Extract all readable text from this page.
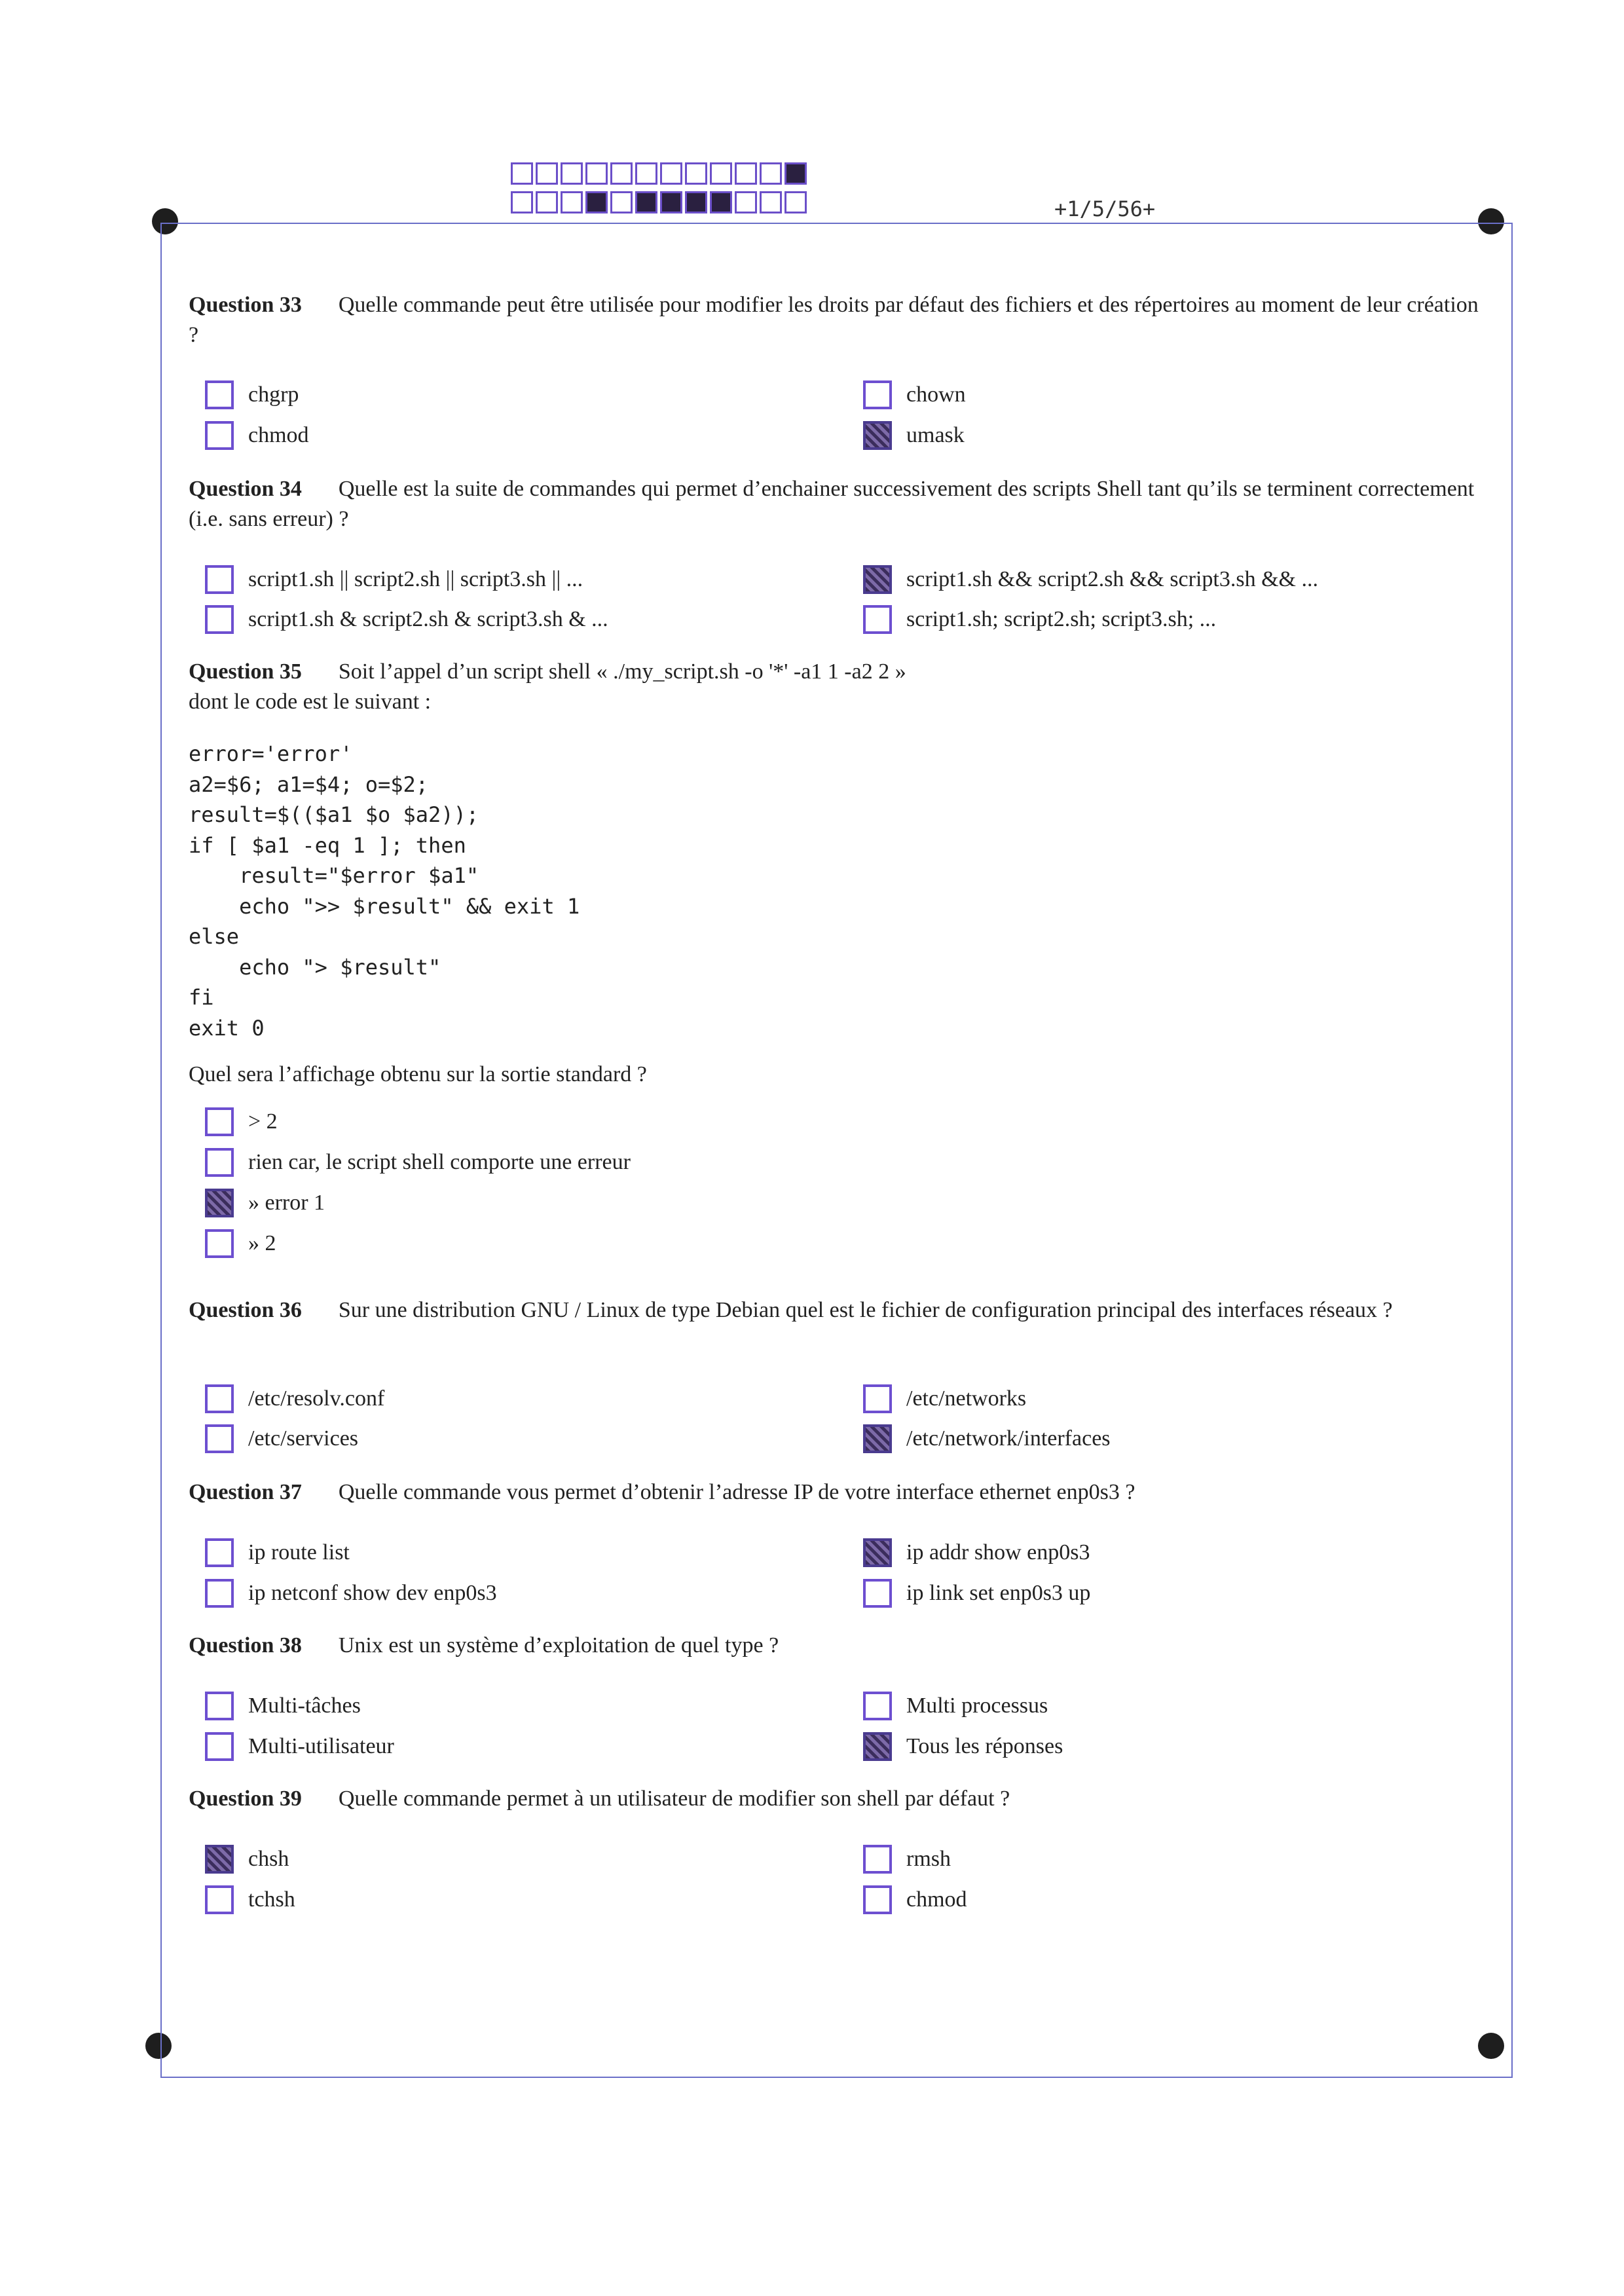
+1/5/56+
Question 33 Quelle commande peut être utilisée pour modifier les droits par défaut des fichiers et des répertoires au moment de leur création ?
chgrp	chown
chmod	umask
Question 34 Quelle est la suite de commandes qui permet d’enchainer successivement des scripts Shell tant qu’ils se terminent correctement (i.e. sans erreur) ?
script1.sh || script2.sh || script3.sh || ...	script1.sh && script2.sh && script3.sh && ...
script1.sh & script2.sh & script3.sh & ...	script1.sh; script2.sh; script3.sh; ...
Question 35 Soit l’appel d’un script shell « ./my_script.sh -o '*' -a1 1 -a2 2 »
dont le code est le suivant :
error='error'
a2=$6; a1=$4; o=$2;
result=$(($a1 $o $a2));
if [ $a1 -eq 1 ]; then
result="$error $a1"
echo ">> $result" && exit 1
else
echo "> $result"
fi
exit 0
Quel sera l’affichage obtenu sur la sortie standard ?
> 2
rien car, le script shell comporte une erreur
» error 1
» 2
Question 36 Sur une distribution GNU / Linux de type Debian quel est le fichier de configuration principal des interfaces réseaux ?
/etc/resolv.conf	/etc/networks
/etc/services	/etc/network/interfaces
Question 37 Quelle commande vous permet d’obtenir l’adresse IP de votre interface ethernet enp0s3 ?
ip route list	ip addr show enp0s3
ip netconf show dev enp0s3	ip link set enp0s3 up
Question 38 Unix est un système d’exploitation de quel type ?
Multi-tâches	Multi processus
Multi-utilisateur	Tous les réponses
Question 39 Quelle commande permet à un utilisateur de modifier son shell par défaut ?
chsh	rmsh
tchsh	chmod
